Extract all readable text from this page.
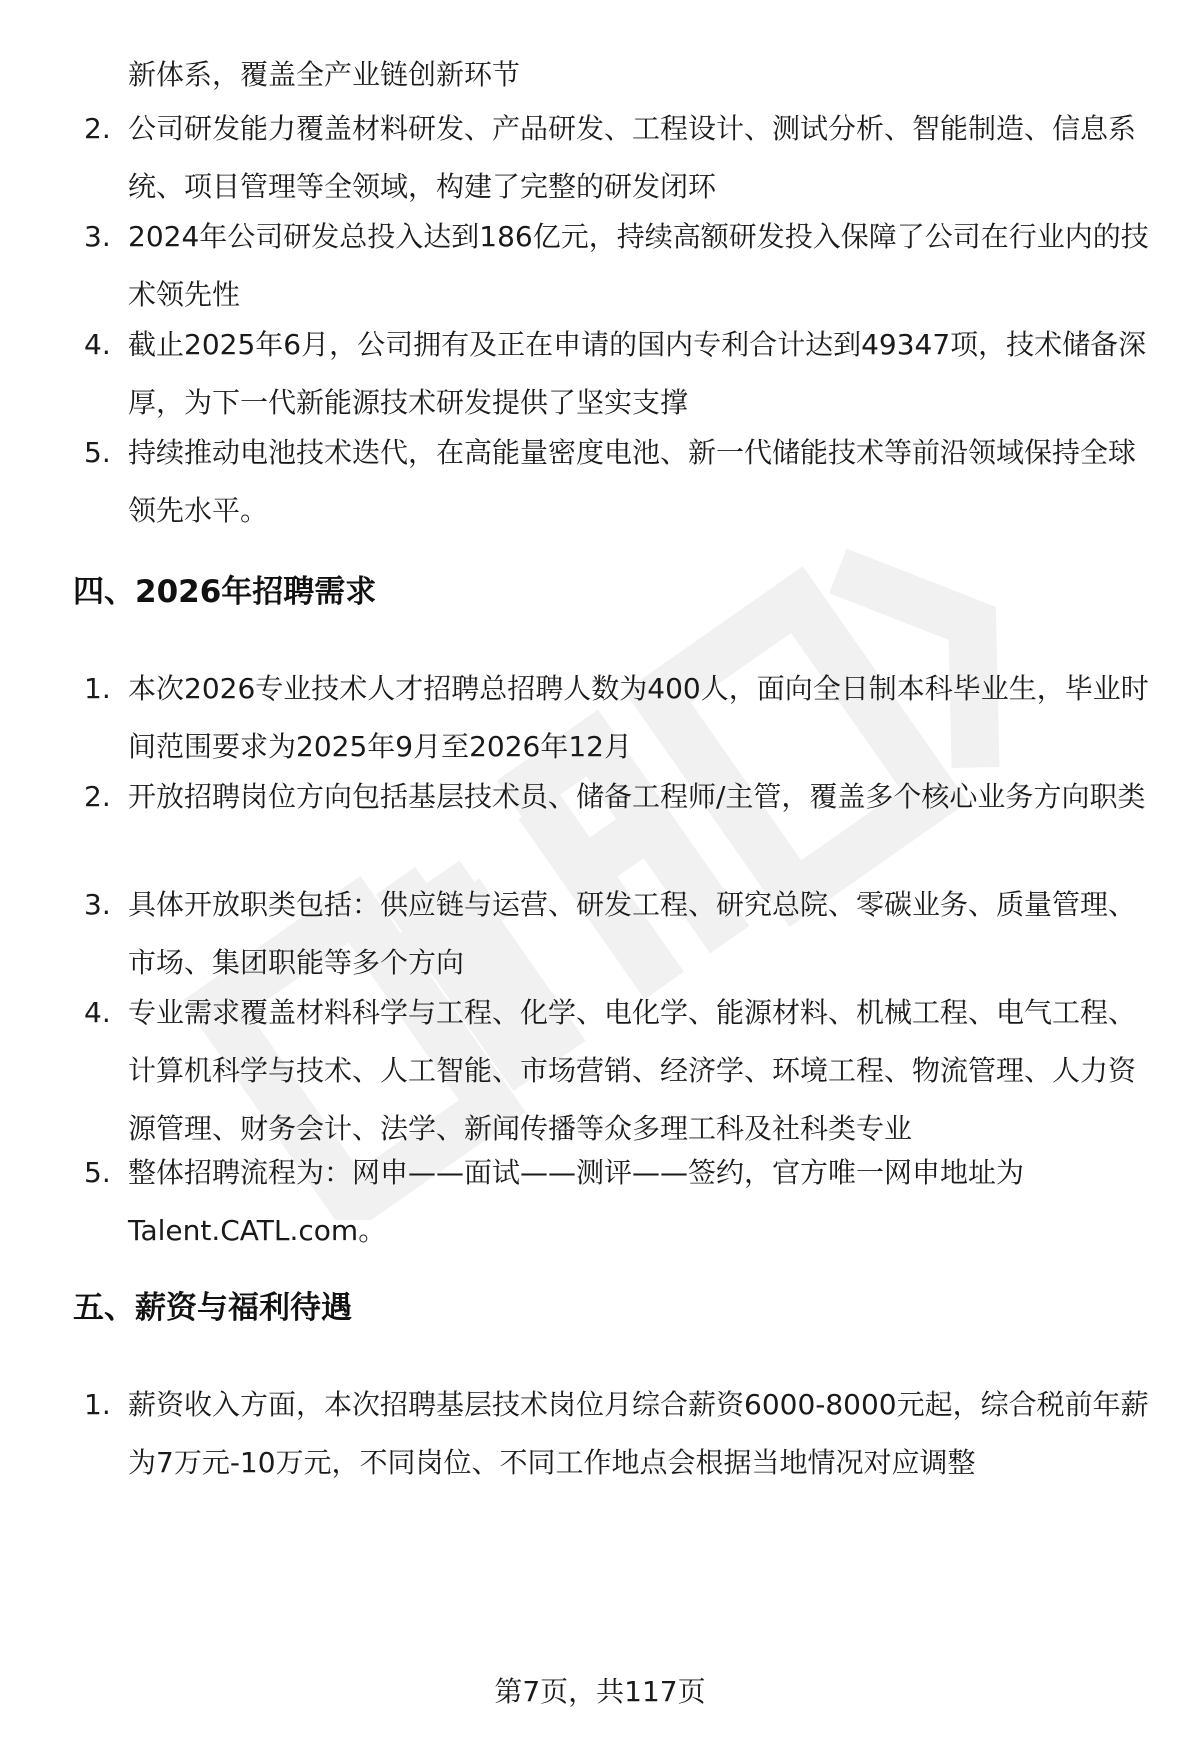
新体系，覆盖全产业链创新环节
2. 公司研发能力覆盖材料研发、产品研发、工程设计、测试分析、智能制造、信息系统、项目管理等全领域，构建了完整的研发闭环
3. 2024年公司研发总投入达到186亿元，持续高额研发投入保障了公司在行业内的技术领先性
4. 截止2025年6月，公司拥有及正在申请的国内专利合计达到49347项，技术储备深厚，为下一代新能源技术研发提供了坚实支撑
5. 持续推动电池技术迭代，在高能量密度电池、新一代储能技术等前沿领域保持全球领先水平。
四、2026年招聘需求
1. 本次2026专业技术人才招聘总招聘人数为400人，面向全日制本科毕业生，毕业时间范围要求为2025年9月至2026年12月
2. 开放招聘岗位方向包括基层技术员、储备工程师/主管，覆盖多个核心业务方向职类
3. 具体开放职类包括：供应链与运营、研发工程、研究总院、零碳业务、质量管理、市场、集团职能等多个方向
4. 专业需求覆盖材料科学与工程、化学、电化学、能源材料、机械工程、电气工程、计算机科学与技术、人工智能、市场营销、经济学、环境工程、物流管理、人力资源管理、财务会计、法学、新闻传播等众多理工科及社科类专业
5. 整体招聘流程为：网申——面试——测评——签约，官方唯一网申地址为Talent.CATL.com。
五、薪资与福利待遇
1. 薪资收入方面，本次招聘基层技术岗位月综合薪资6000-8000元起，综合税前年薪为7万元-10万元，不同岗位、不同工作地点会根据当地情况对应调整
第7页，共117页
